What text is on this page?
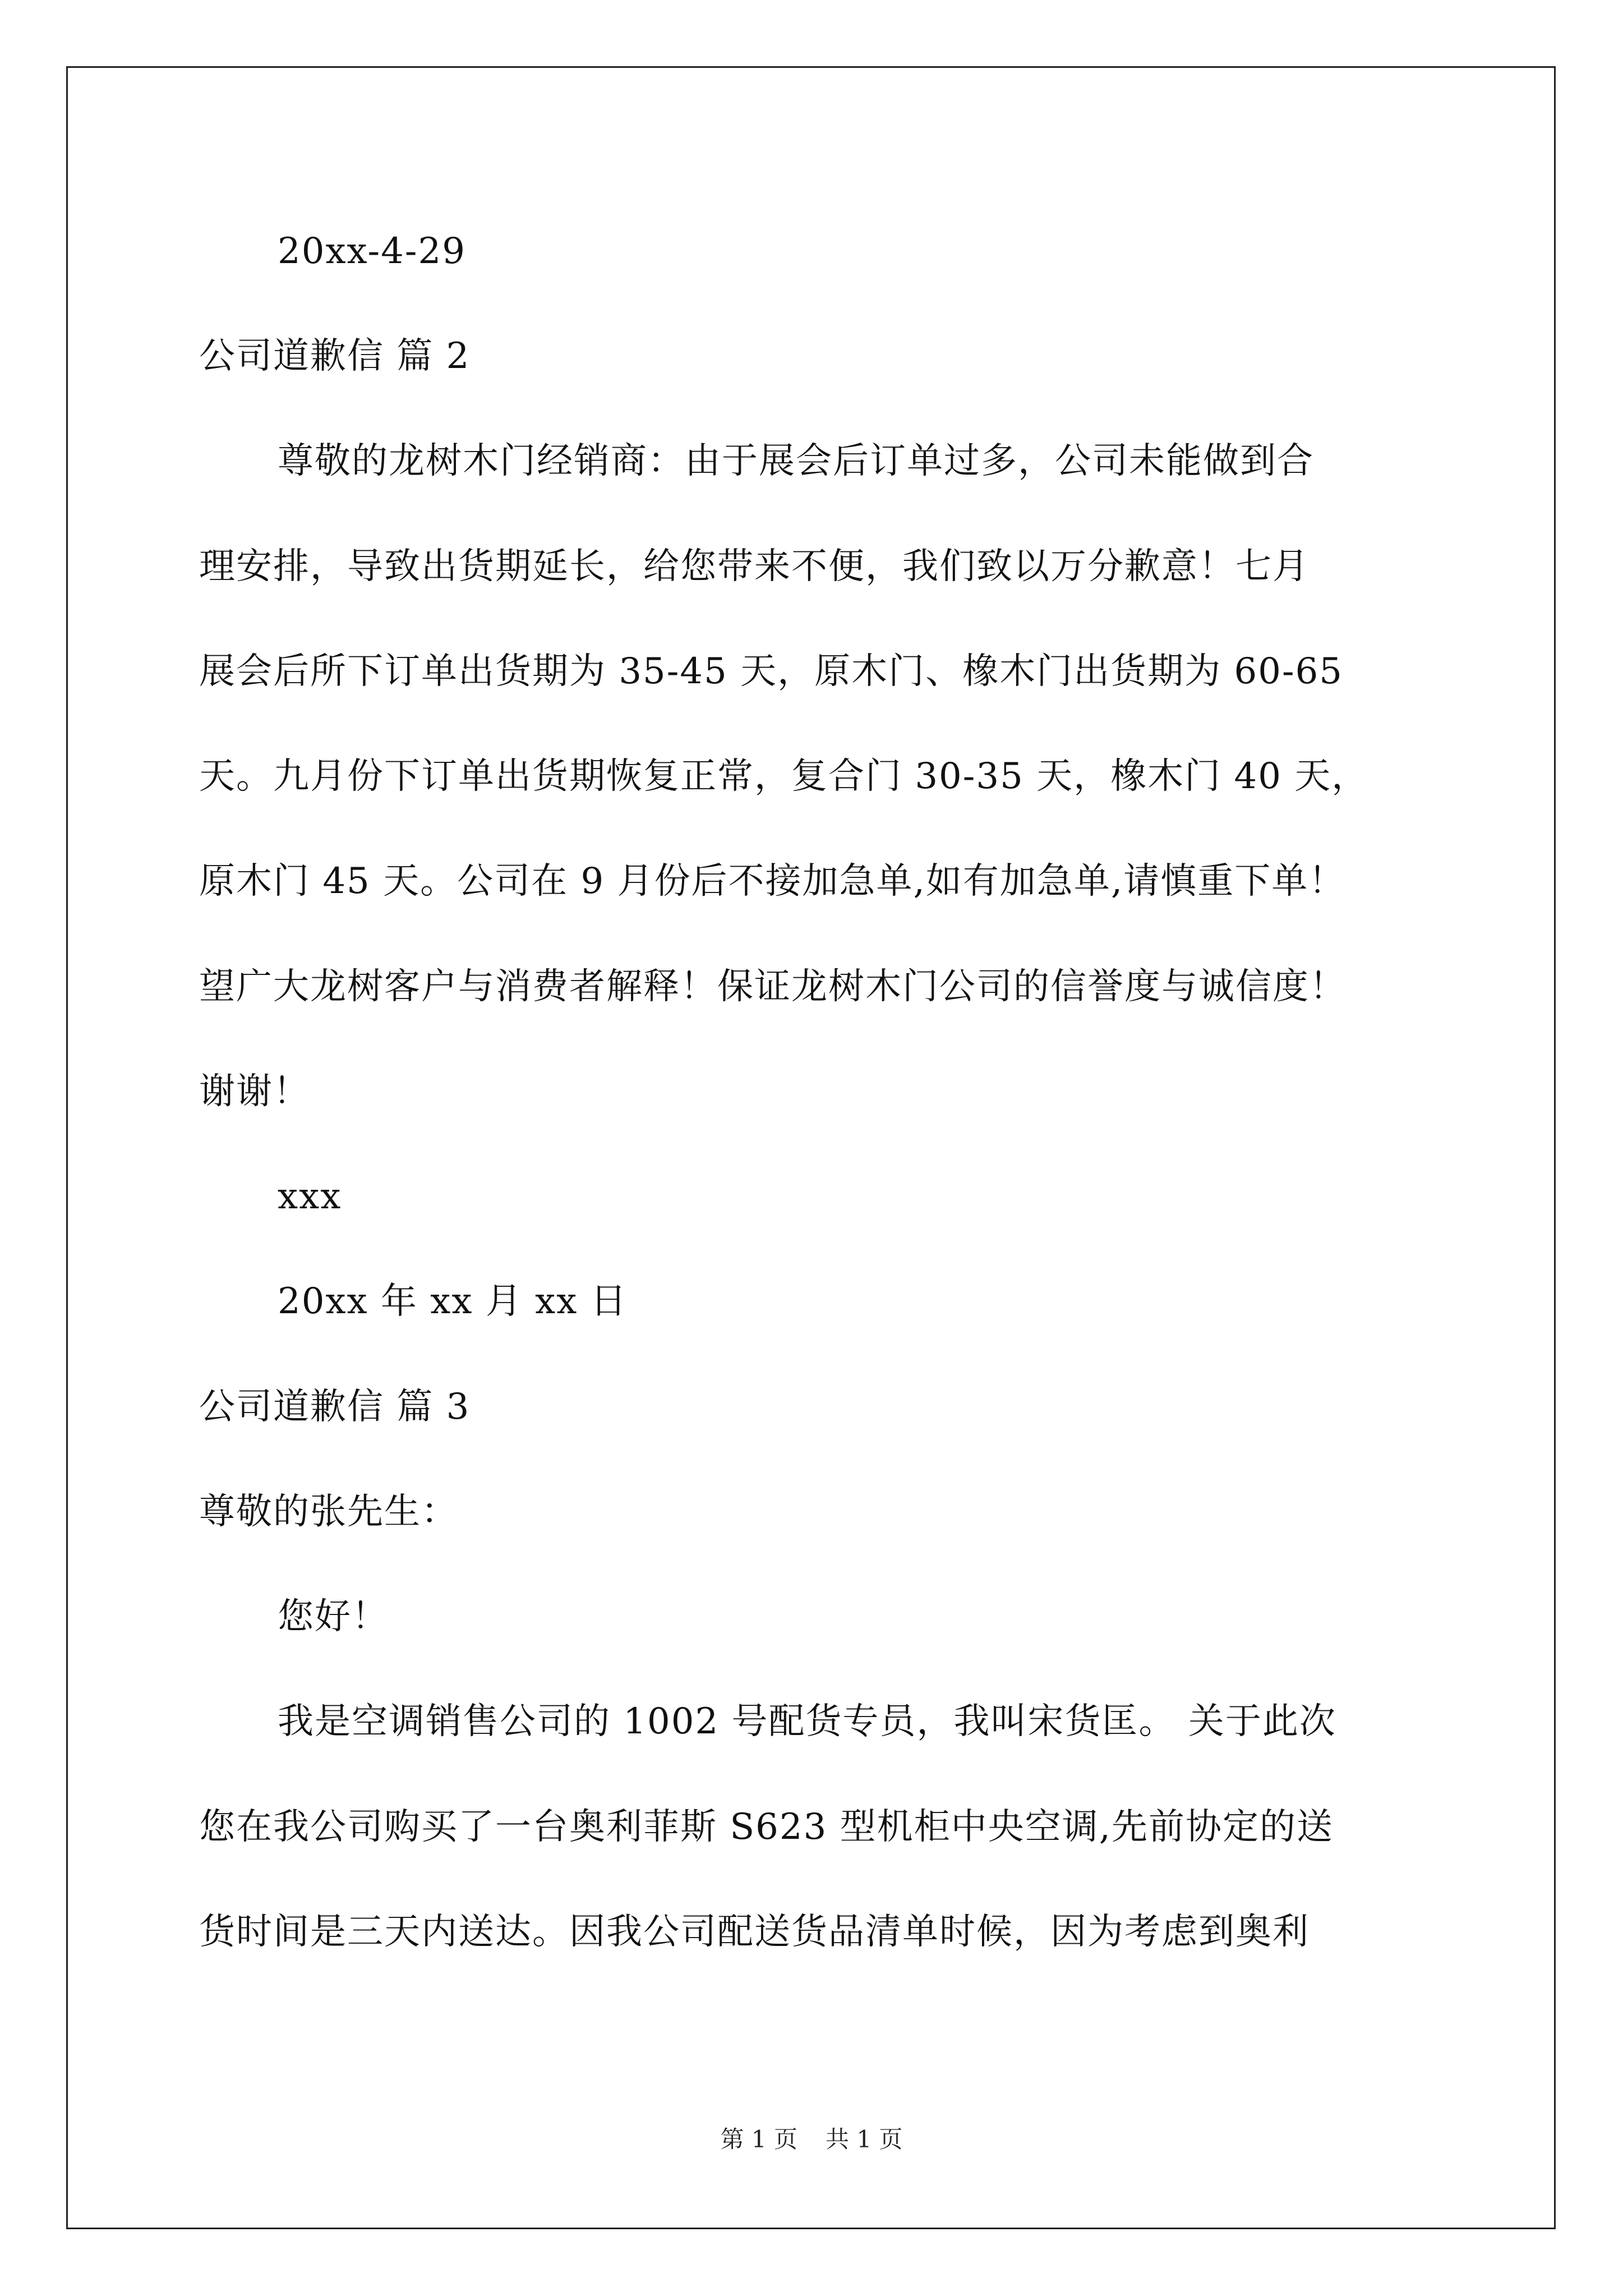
20xx-4-29
公司道歉信 篇 2
尊敬的龙树木门经销商：由于展会后订单过多，公司未能做到合
理安排，导致出货期延长，给您带来不便，我们致以万分歉意！七月
展会后所下订单出货期为 35-45 天，原木门、橡木门出货期为 60-65
天。九月份下订单出货期恢复正常，复合门 30-35 天，橡木门 40 天，
原木门 45 天。公司在 9 月份后不接加急单,如有加急单,请慎重下单！
望广大龙树客户与消费者解释！保证龙树木门公司的信誉度与诚信度！
谢谢！
xxx
20xx 年 xx 月 xx 日
公司道歉信 篇 3
尊敬的张先生：
您好！
我是空调销售公司的 1002 号配货专员，我叫宋货匡。 关于此次
您在我公司购买了一台奥利菲斯 S623 型机柜中央空调,先前协定的送
货时间是三天内送达。因我公司配送货品清单时候，因为考虑到奥利
第 1 页 共 1 页
